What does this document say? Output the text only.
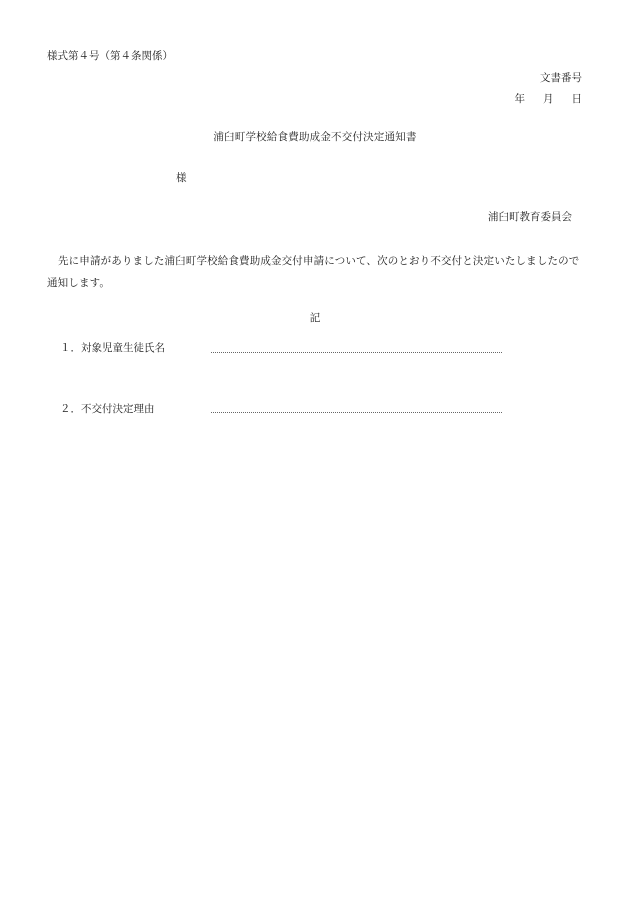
様式第４号（第４条関係）
文書番号
年 月 日
浦臼町学校給食費助成金不交付決定通知書
様
浦臼町教育委員会
先に申請がありました浦臼町学校給食費助成金交付申請について、次のとおり不交付と決定いたしましたので通知します。
記
１．対象児童生徒氏名
２．不交付決定理由
